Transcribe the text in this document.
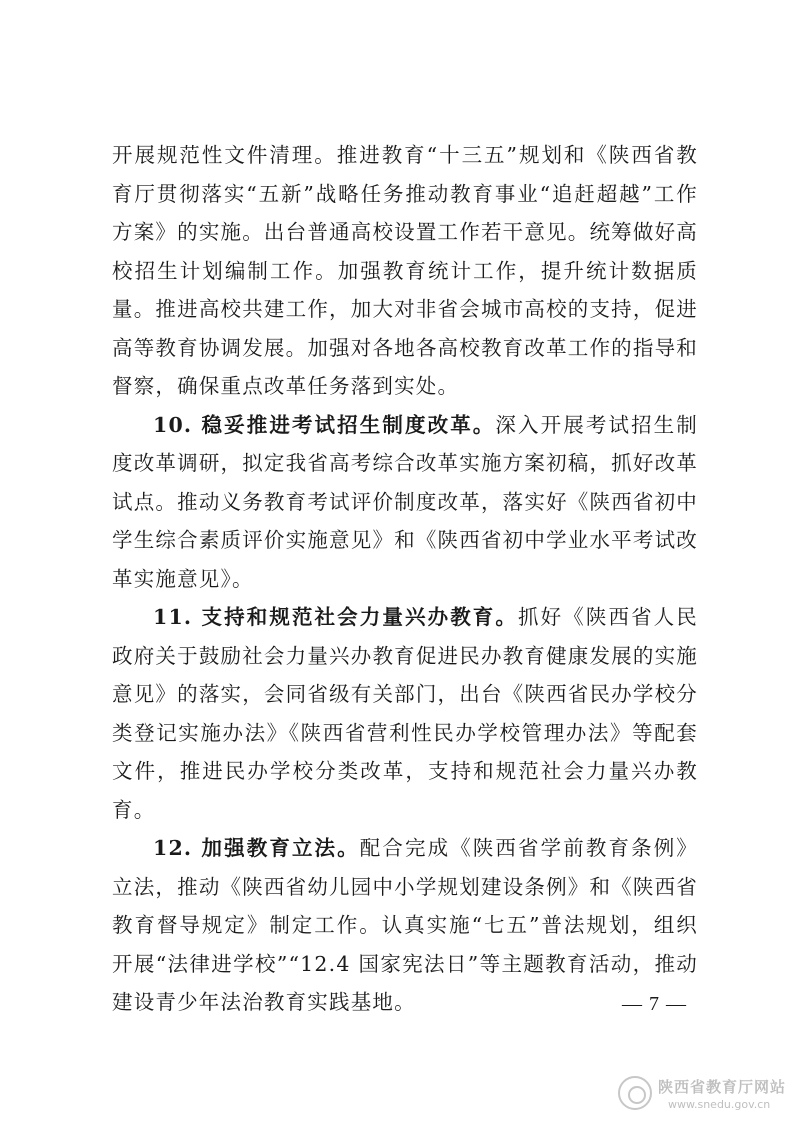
开展规范性文件清理。推进教育“十三五”规划和《陕西省教育厅贯彻落实“五新”战略任务推动教育事业“追赶超越”工作方案》的实施。出台普通高校设置工作若干意见。统筹做好高校招生计划编制工作。加强教育统计工作，提升统计数据质量。推进高校共建工作，加大对非省会城市高校的支持，促进高等教育协调发展。加强对各地各高校教育改革工作的指导和督察，确保重点改革任务落到实处。

10. 稳妥推进考试招生制度改革。深入开展考试招生制度改革调研，拟定我省高考综合改革实施方案初稿，抓好改革试点。推动义务教育考试评价制度改革，落实好《陕西省初中学生综合素质评价实施意见》和《陕西省初中学业水平考试改革实施意见》。

11. 支持和规范社会力量兴办教育。抓好《陕西省人民政府关于鼓励社会力量兴办教育促进民办教育健康发展的实施意见》的落实，会同省级有关部门，出台《陕西省民办学校分类登记实施办法》《陕西省营利性民办学校管理办法》等配套文件，推进民办学校分类改革，支持和规范社会力量兴办教育。

12. 加强教育立法。配合完成《陕西省学前教育条例》立法，推动《陕西省幼儿园中小学规划建设条例》和《陕西省教育督导规定》制定工作。认真实施“七五”普法规划，组织开展“法律进学校”“12.4 国家宪法日”等主题教育活动，推动建设青少年法治教育实践基地。	— 7 —
陕西省教育厅网站
www.snedu.gov.cn
